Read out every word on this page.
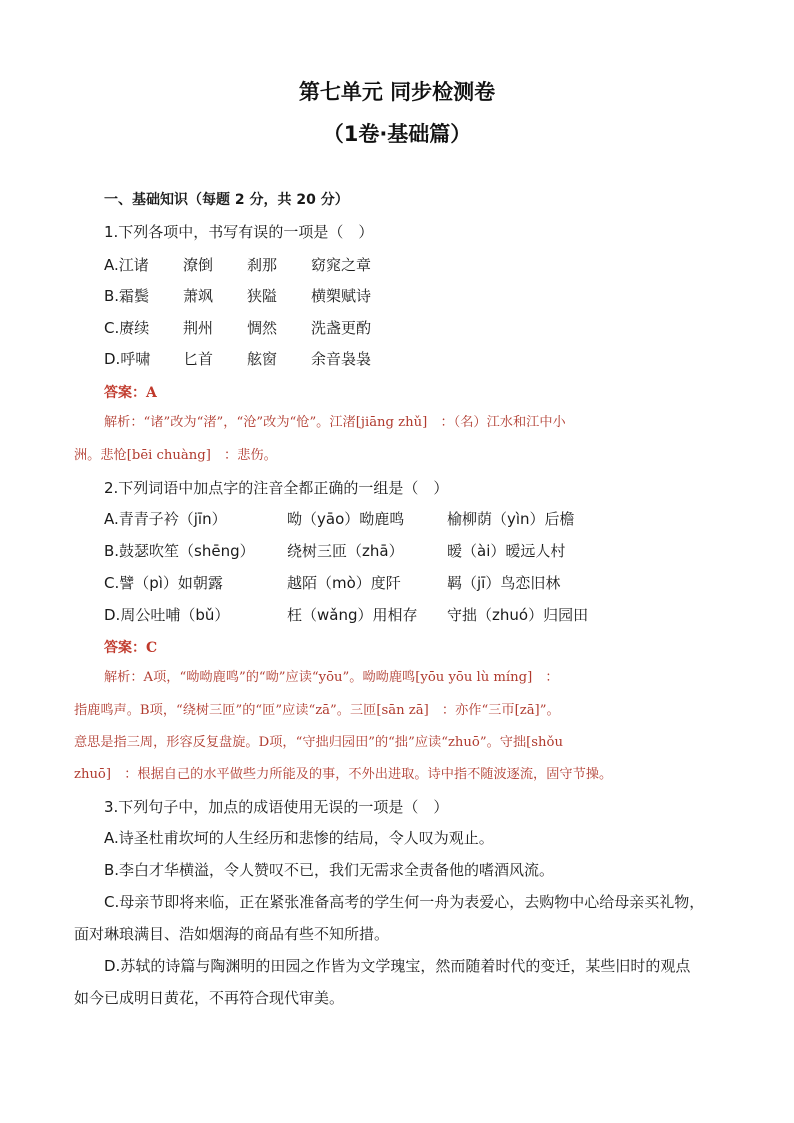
第七单元 同步检测卷
（1卷·基础篇）
一、基础知识（每题 2 分，共 20 分）
1.下列各项中，书写有误的一项是（　）
A.江诸 潦倒 刹那 窈窕之章
B.霜鬓 萧飒 狭隘 横槊赋诗
C.赓续 荆州 惆然 洗盏更酌
D.呼啸 匕首 舷窗 余音袅袅
答案：A
解析：“诸”改为“渚”，“沧”改为“怆”。江渚[jiāng zhǔ]　：（名）江水和江中小
洲。悲怆[bēi chuàng]　：悲伤。
2.下列词语中加点字的注音全都正确的一组是（　）
A.青青子衿（jīn）	呦（yāo）呦鹿鸣	榆柳荫（yìn）后檐
B.鼓瑟吹笙（shēng） 绕树三匝（zhā）	暧（ài）暧远人村
C.譬（pì）如朝露	越陌（mò）度阡	羁（jī）鸟恋旧林
D.周公吐哺（bǔ）	枉（wǎng）用相存 守拙（zhuó）归园田
答案：C
解析：A项，“呦呦鹿鸣”的“呦”应读“yōu”。呦呦鹿鸣[yōu yōu lù míng]　：
指鹿鸣声。B项，“绕树三匝”的“匝”应读“zā”。三匝[sān zā]　：亦作“三帀[zā]”。
意思是指三周，形容反复盘旋。D项，“守拙归园田”的“拙”应读“zhuō”。守拙[shǒu
zhuō]　：根据自己的水平做些力所能及的事，不外出进取。诗中指不随波逐流，固守节操。
3.下列句子中，加点的成语使用无误的一项是（　）
A.诗圣杜甫坎坷的人生经历和悲惨的结局，令人叹为观止。
B.李白才华横溢，令人赞叹不已，我们无需求全责备他的嗜酒风流。
C.母亲节即将来临，正在紧张准备高考的学生何一舟为表爱心，去购物中心给母亲买礼物，
面对琳琅满目、浩如烟海的商品有些不知所措。
D.苏轼的诗篇与陶渊明的田园之作皆为文学瑰宝，然而随着时代的变迁，某些旧时的观点
如今已成明日黄花，不再符合现代审美。
